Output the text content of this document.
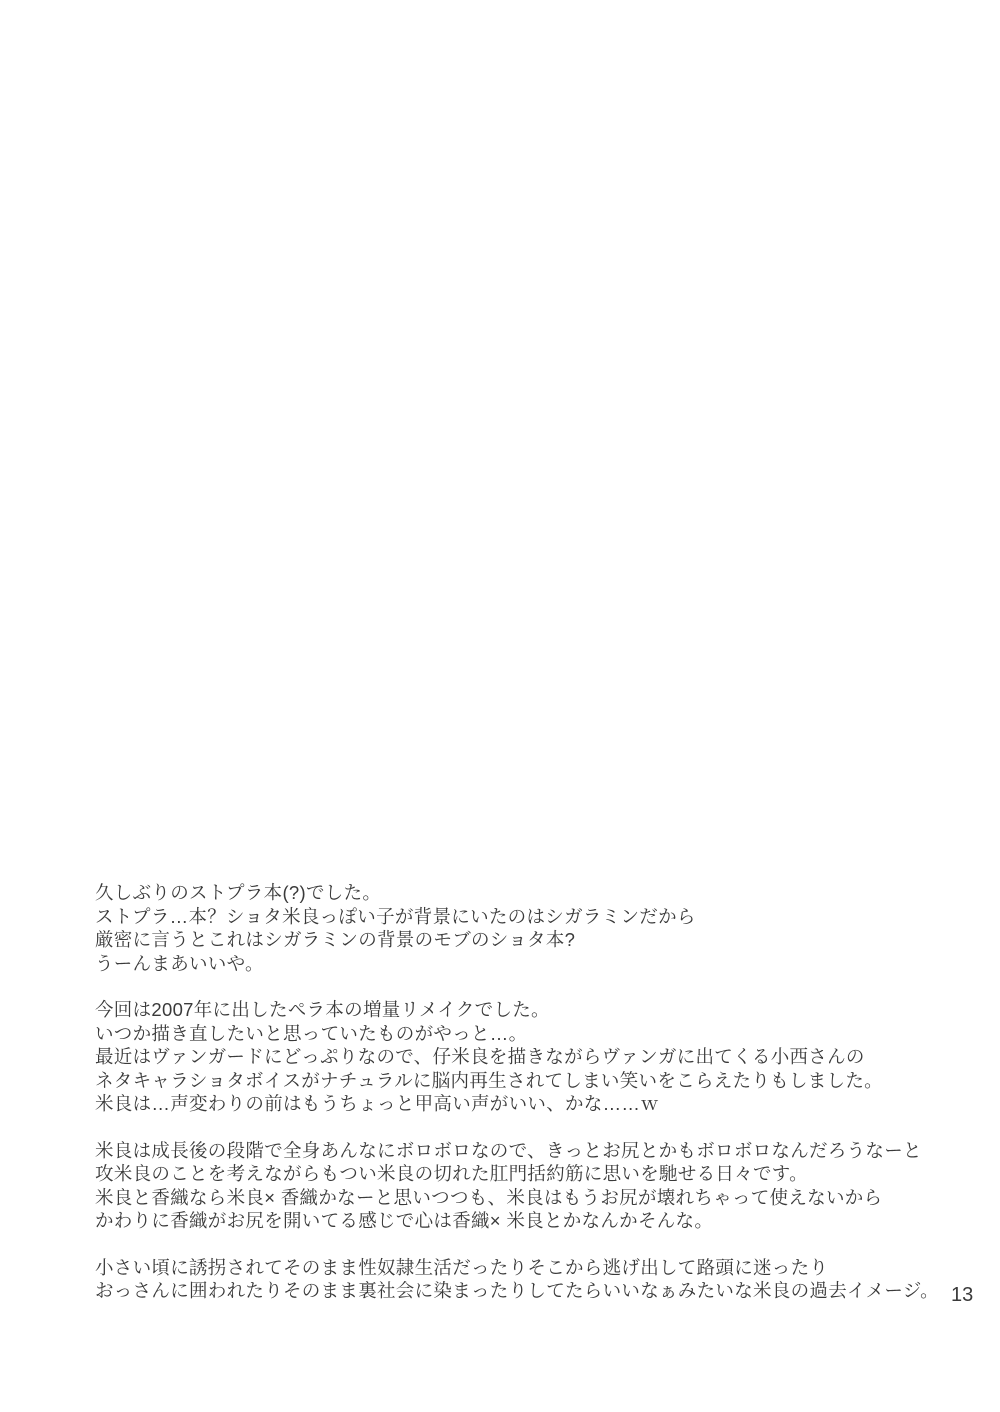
久しぶりのストプラ本(?)でした。
ストプラ…本？ショタ米良っぽい子が背景にいたのはシガラミンだから
厳密に言うとこれはシガラミンの背景のモブのショタ本?
うーんまあいいや。
今回は2007年に出したペラ本の増量リメイクでした。
いつか描き直したいと思っていたものがやっと…。
最近はヴァンガードにどっぷりなので、仔米良を描きながらヴァンガに出てくる小西さんの
ネタキャラショタボイスがナチュラルに脳内再生されてしまい笑いをこらえたりもしました。
米良は…声変わりの前はもうちょっと甲高い声がいい、かな……ｗ
米良は成長後の段階で全身あんなにボロボロなので、きっとお尻とかもボロボロなんだろうなーと
攻米良のことを考えながらもつい米良の切れた肛門括約筋に思いを馳せる日々です。
米良と香織なら米良× 香織かなーと思いつつも、米良はもうお尻が壊れちゃって使えないから
かわりに香織がお尻を開いてる感じで心は香織× 米良とかなんかそんな。
小さい頃に誘拐されてそのまま性奴隷生活だったりそこから逃げ出して路頭に迷ったり
おっさんに囲われたりそのまま裏社会に染まったりしてたらいいなぁみたいな米良の過去イメージ。 13
